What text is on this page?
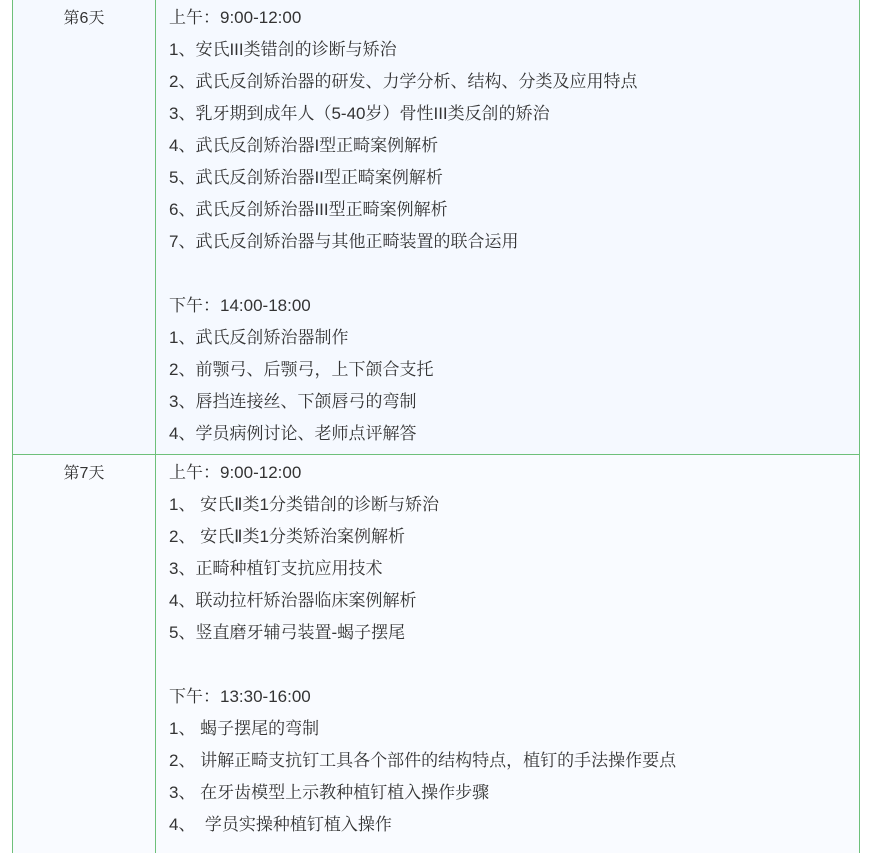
第6天	上午：9:00-12:00
1、安氏III类错㓣的诊断与矫治
2、武氏反㓣矫治器的研发、力学分析、结构、分类及应用特点
3、乳牙期到成年人（5-40岁）骨性III类反㓣的矫治
4、武氏反㓣矫治器I型正畸案例解析
5、武氏反㓣矫治器II型正畸案例解析
6、武氏反㓣矫治器III型正畸案例解析
7、武氏反㓣矫治器与其他正畸装置的联合运用
下午：14:00-18:00
1、武氏反㓣矫治器制作
2、前颚弓、后颚弓，上下颌合支托
3、唇挡连接丝、下颌唇弓的弯制
4、学员病例讨论、老师点评解答
第7天	上午：9:00-12:00
1、 安氏Ⅱ类1分类错㓣的诊断与矫治
2、 安氏Ⅱ类1分类矫治案例解析
3、正畸种植钉支抗应用技术
4、联动拉杆矫治器临床案例解析
5、竖直磨牙辅弓装置-蝎子摆尾
下午：13:30-16:00
1、 蝎子摆尾的弯制
2、 讲解正畸支抗钉工具各个部件的结构特点，植钉的手法操作要点
3、 在牙齿模型上示教种植钉植入操作步骤
4、  学员实操种植钉植入操作
